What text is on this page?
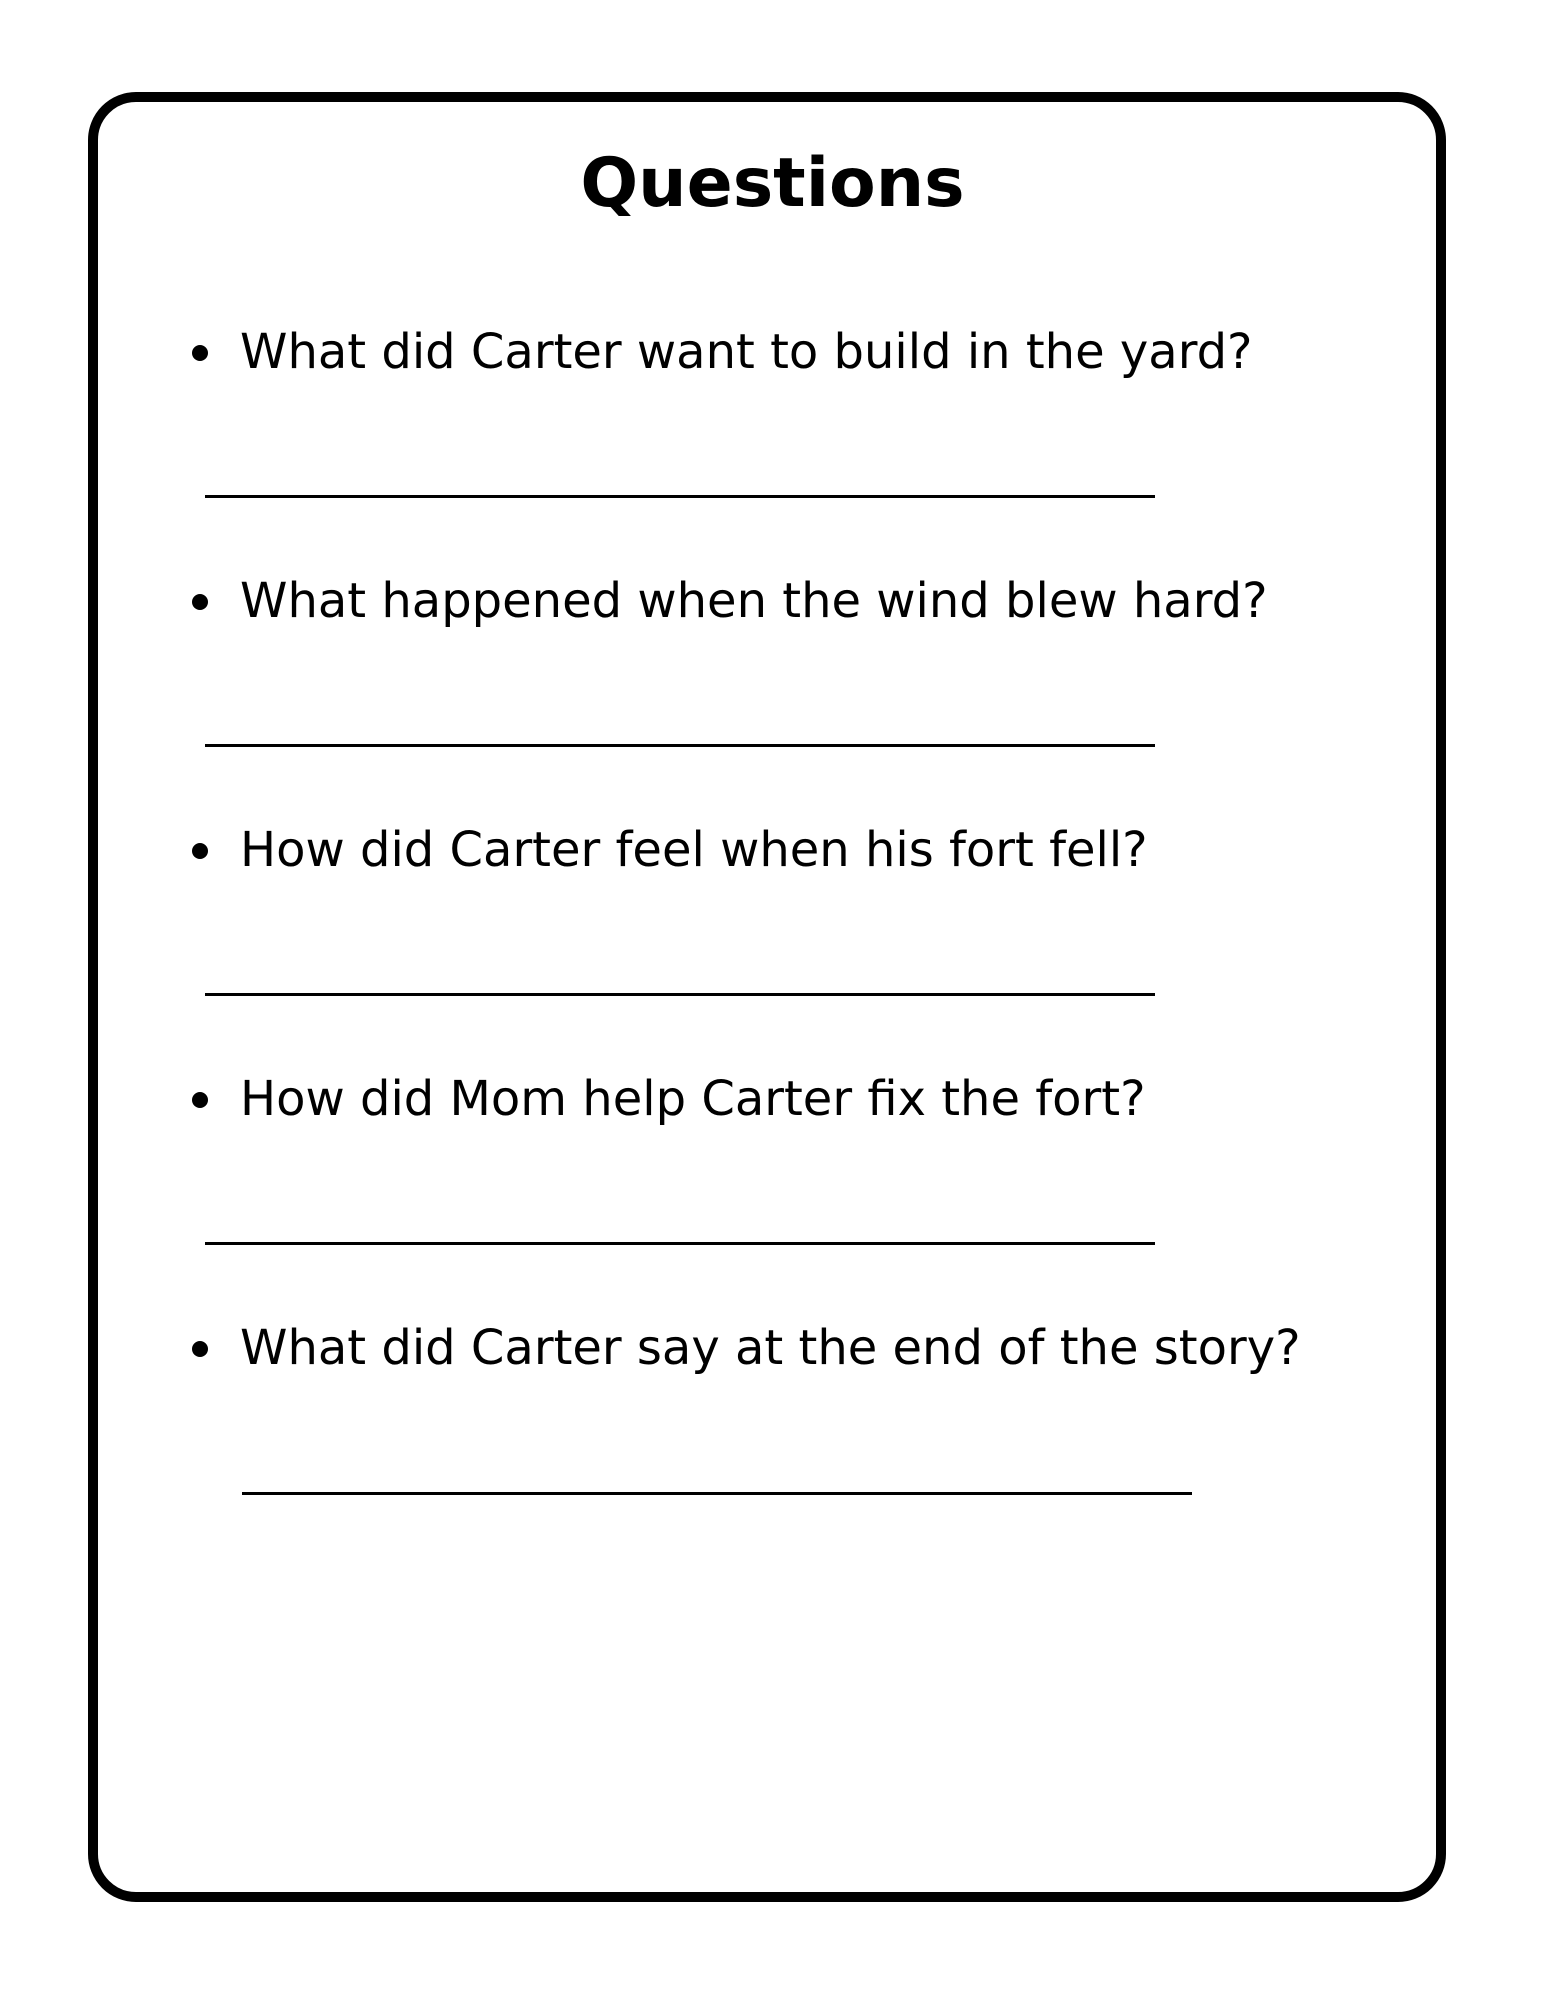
Questions
What did Carter want to build in the yard?
What happened when the wind blew hard?
How did Carter feel when his fort fell?
How did Mom help Carter fix the fort?
What did Carter say at the end of the story?
